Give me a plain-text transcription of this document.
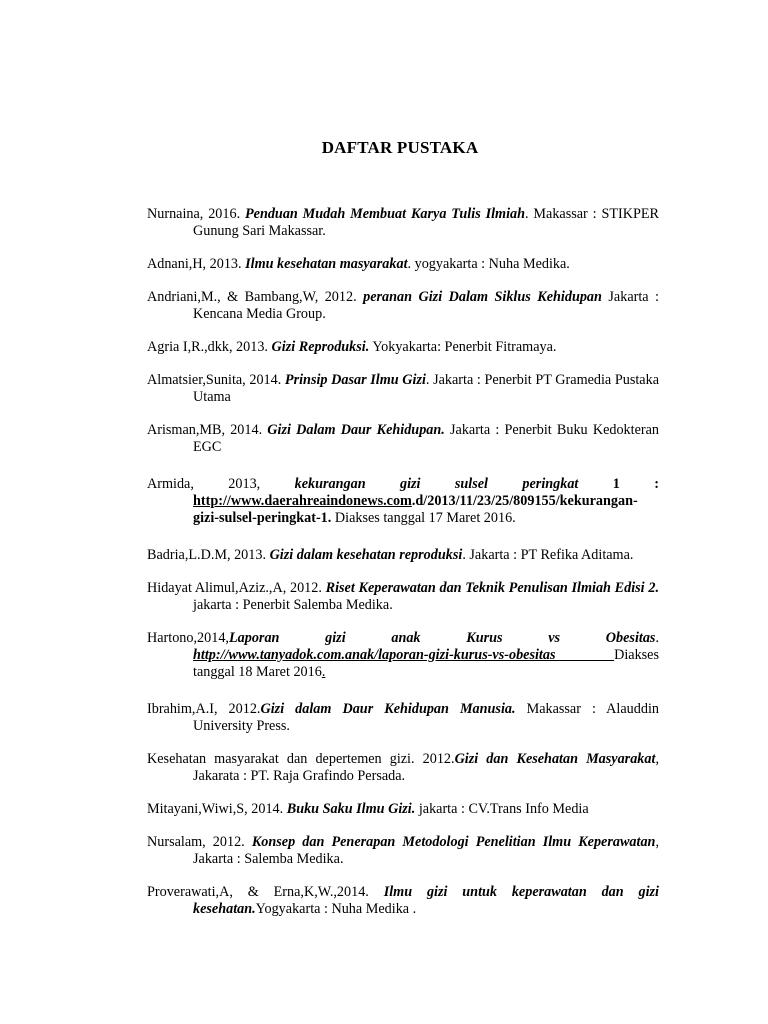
DAFTAR PUSTAKA

Nurnaina, 2016. Penduan Mudah Membuat Karya Tulis Ilmiah. Makassar : STIKPER Gunung Sari Makassar.

Adnani,H, 2013. Ilmu kesehatan masyarakat. yogyakarta : Nuha Medika.

Andriani,M., & Bambang,W, 2012. peranan Gizi Dalam Siklus Kehidupan Jakarta : Kencana Media Group.

Agria I,R.,dkk, 2013. Gizi Reproduksi. Yokyakarta: Penerbit Fitramaya.

Almatsier,Sunita, 2014. Prinsip Dasar Ilmu Gizi. Jakarta : Penerbit PT Gramedia Pustaka Utama

Arisman,MB, 2014. Gizi Dalam Daur Kehidupan. Jakarta : Penerbit Buku Kedokteran EGC

Armida, 2013, kekurangan gizi sulsel peringkat 1 : http://www.daerahreaindonews.com.d/2013/11/23/25/809155/kekurangan-gizi-sulsel-peringkat-1. Diakses tanggal 17 Maret 2016.

Badria,L.D.M, 2013. Gizi dalam kesehatan reproduksi. Jakarta : PT Refika Aditama.

Hidayat Alimul,Aziz.,A, 2012. Riset Keperawatan dan Teknik Penulisan Ilmiah Edisi 2. jakarta : Penerbit Salemba Medika.

Hartono,2014,Laporan gizi anak Kurus vs Obesitas. http://www.tanyadok.com.anak/laporan-gizi-kurus-vs-obesitas	Diakses tanggal 18 Maret 2016.

Ibrahim,A.I, 2012.Gizi dalam Daur Kehidupan Manusia. Makassar : Alauddin University Press.

Kesehatan masyarakat dan depertemen gizi. 2012.Gizi dan Kesehatan Masyarakat, Jakarata : PT. Raja Grafindo Persada.

Mitayani,Wiwi,S, 2014. Buku Saku Ilmu Gizi. jakarta : CV.Trans Info Media

Nursalam, 2012. Konsep dan Penerapan Metodologi Penelitian Ilmu Keperawatan, Jakarta : Salemba Medika.

Proverawati,A, & Erna,K,W.,2014. Ilmu gizi untuk keperawatan dan gizi kesehatan.Yogyakarta : Nuha Medika .
